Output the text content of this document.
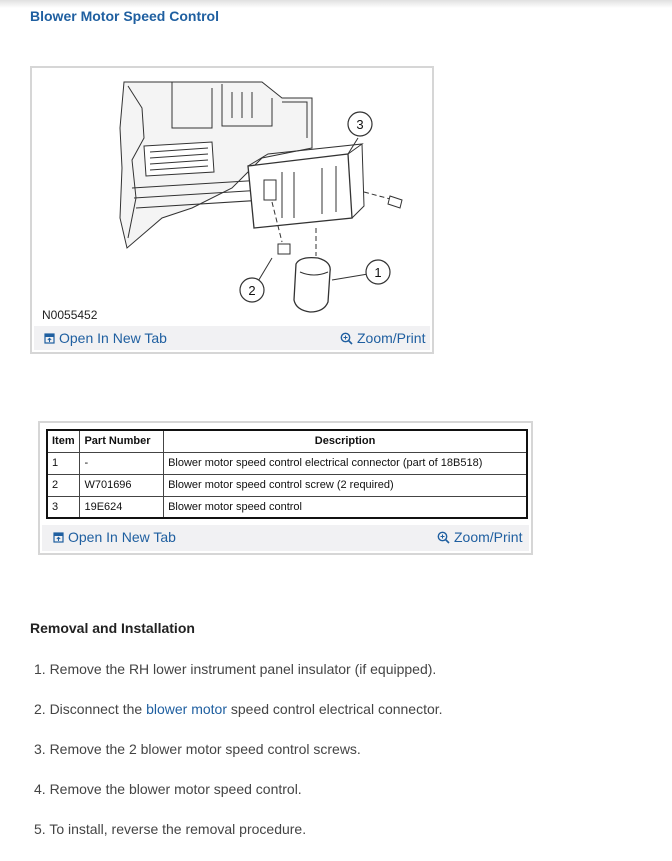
Blower Motor Speed Control
3
2
1
N0055452
Open In New Tab	Zoom/Print
Item	Part Number	Description
1	-	Blower motor speed control electrical connector (part of 18B518)
2	W701696	Blower motor speed control screw (2 required)
3	19E624	Blower motor speed control
Open In New Tab	Zoom/Print
Removal and Installation
1. Remove the RH lower instrument panel insulator (if equipped).
2. Disconnect the blower motor speed control electrical connector.
3. Remove the 2 blower motor speed control screws.
4. Remove the blower motor speed control.
5. To install, reverse the removal procedure.
